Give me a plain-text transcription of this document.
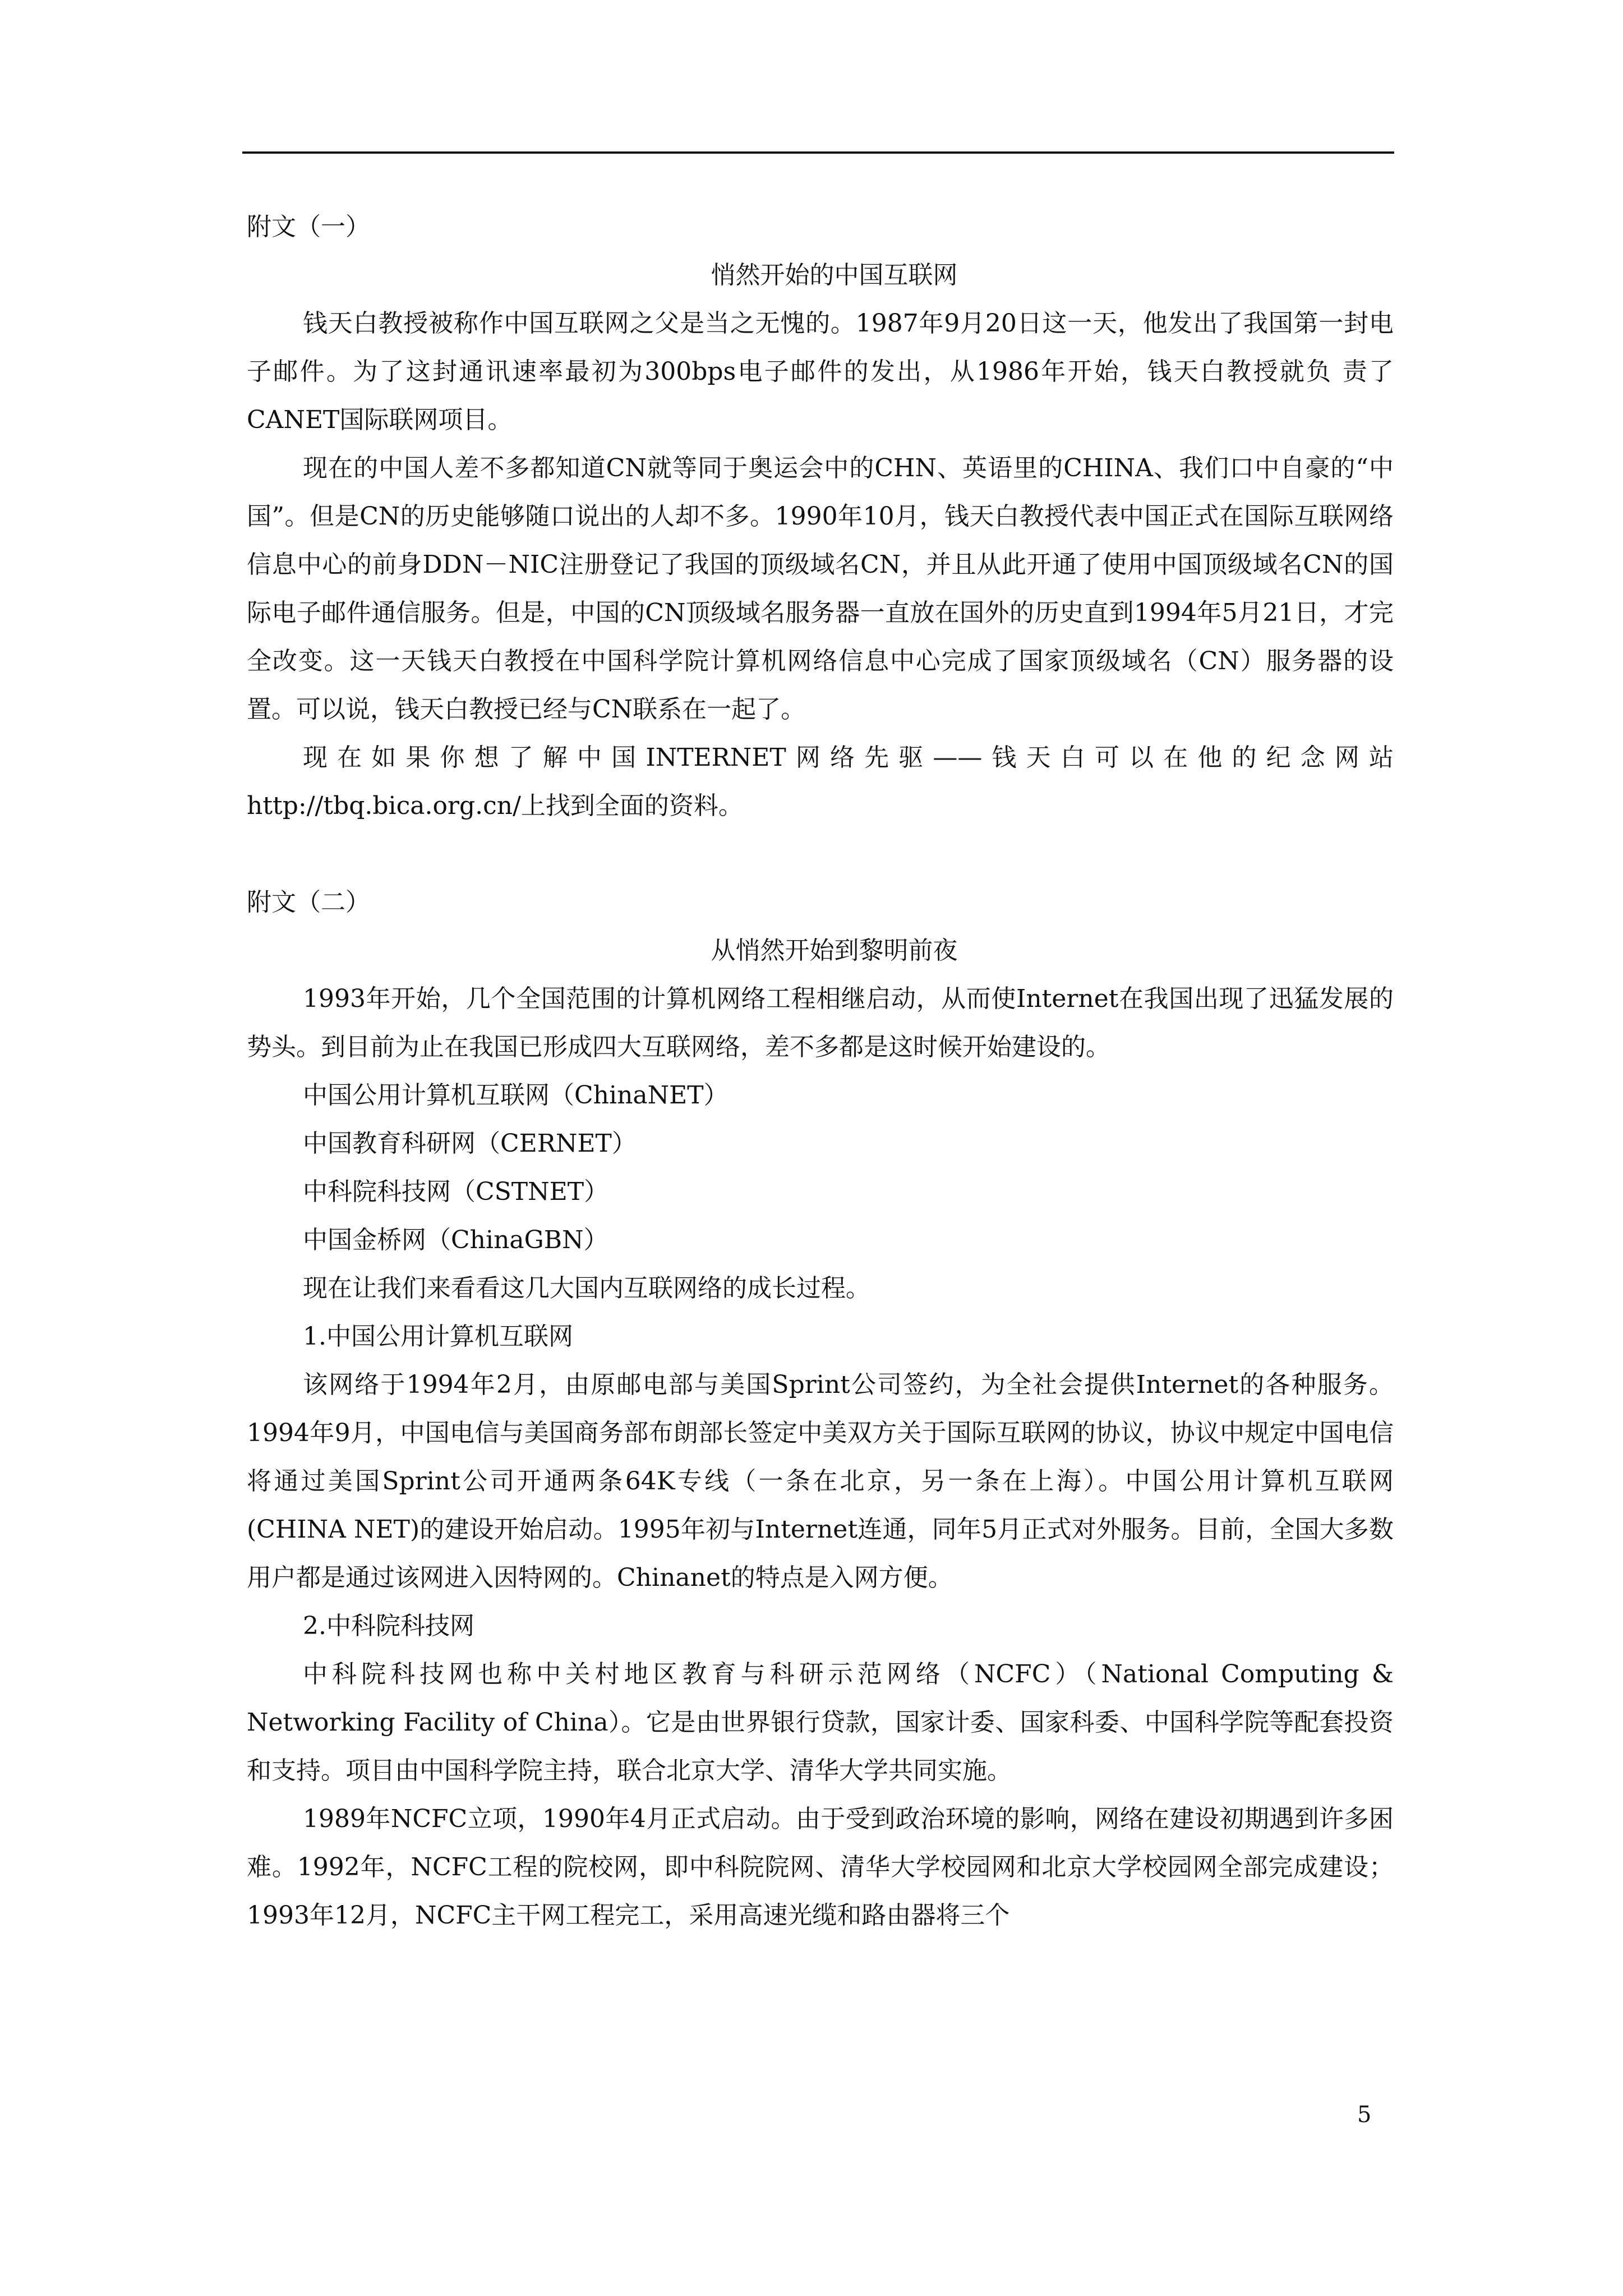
附文（一）

悄然开始的中国互联网

钱天白教授被称作中国互联网之父是当之无愧的。1987年9月20日这一天，他发出了我国第一封电子邮件。为了这封通讯速率最初为300bps电子邮件的发出，从1986年开始，钱天白教授就负 责了CANET国际联网项目。

现在的中国人差不多都知道CN就等同于奥运会中的CHN、英语里的CHINA、我们口中自豪的“中国”。但是CN的历史能够随口说出的人却不多。1990年10月，钱天白教授代表中国正式在国际互联网络信息中心的前身DDN－NIC注册登记了我国的顶级域名CN，并且从此开通了使用中国顶级域名CN的国际电子邮件通信服务。但是，中国的CN顶级域名服务器一直放在国外的历史直到1994年5月21日，才完全改变。这一天钱天白教授在中国科学院计算机网络信息中心完成了国家顶级域名（CN）服务器的设置。可以说，钱天白教授已经与CN联系在一起了。

现在如果你想了解中国INTERNET网络先驱——钱天白可以在他的纪念网站http://tbq.bica.org.cn/上找到全面的资料。

附文（二）

从悄然开始到黎明前夜

1993年开始，几个全国范围的计算机网络工程相继启动，从而使Internet在我国出现了迅猛发展的势头。到目前为止在我国已形成四大互联网络，差不多都是这时候开始建设的。

中国公用计算机互联网（ChinaNET）

中国教育科研网（CERNET）

中科院科技网（CSTNET）

中国金桥网（ChinaGBN）

现在让我们来看看这几大国内互联网络的成长过程。

1.中国公用计算机互联网

该网络于1994年2月，由原邮电部与美国Sprint公司签约，为全社会提供Internet的各种服务。1994年9月，中国电信与美国商务部布朗部长签定中美双方关于国际互联网的协议，协议中规定中国电信将通过美国Sprint公司开通两条64K专线（一条在北京，另一条在上海）。中国公用计算机互联网(CHINA NET)的建设开始启动。1995年初与Internet连通，同年5月正式对外服务。目前，全国大多数用户都是通过该网进入因特网的。Chinanet的特点是入网方便。

2.中科院科技网

中科院科技网也称中关村地区教育与科研示范网络（NCFC）（National Computing & Networking Facility of China）。它是由世界银行贷款，国家计委、国家科委、中国科学院等配套投资和支持。项目由中国科学院主持，联合北京大学、清华大学共同实施。

1989年NCFC立项，1990年4月正式启动。由于受到政治环境的影响，网络在建设初期遇到许多困难。1992年，NCFC工程的院校网，即中科院院网、清华大学校园网和北京大学校园网全部完成建设；1993年12月，NCFC主干网工程完工，采用高速光缆和路由器将三个

5
